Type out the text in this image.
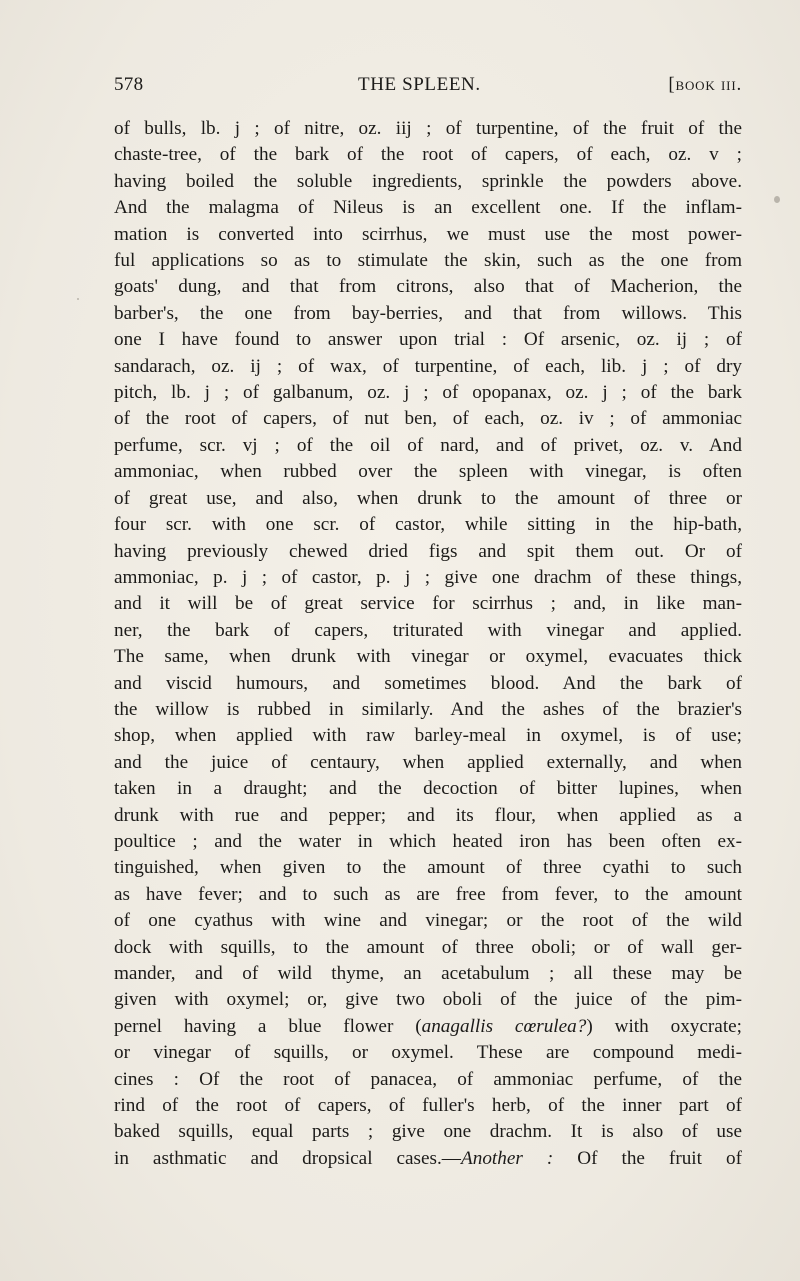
578	THE SPLEEN.	[book iii.
of bulls, lb. j ; of nitre, oz. iij ; of turpentine, of the fruit of the
chaste-tree, of the bark of the root of capers, of each, oz. v ;
having boiled the soluble ingredients, sprinkle the powders above.
And the malagma of Nileus is an excellent one. If the inflam-
mation is converted into scirrhus, we must use the most power-
ful applications so as to stimulate the skin, such as the one from
goats' dung, and that from citrons, also that of Macherion, the
barber's, the one from bay-berries, and that from willows. This
one I have found to answer upon trial : Of arsenic, oz. ij ; of
sandarach, oz. ij ; of wax, of turpentine, of each, lib. j ; of dry
pitch, lb. j ; of galbanum, oz. j ; of opopanax, oz. j ; of the bark
of the root of capers, of nut ben, of each, oz. iv ; of ammoniac
perfume, scr. vj ; of the oil of nard, and of privet, oz. v. And
ammoniac, when rubbed over the spleen with vinegar, is often
of great use, and also, when drunk to the amount of three or
four scr. with one scr. of castor, while sitting in the hip-bath,
having previously chewed dried figs and spit them out. Or of
ammoniac, p. j ; of castor, p. j ; give one drachm of these things,
and it will be of great service for scirrhus ; and, in like man-
ner, the bark of capers, triturated with vinegar and applied.
The same, when drunk with vinegar or oxymel, evacuates thick
and viscid humours, and sometimes blood. And the bark of
the willow is rubbed in similarly. And the ashes of the brazier's
shop, when applied with raw barley-meal in oxymel, is of use;
and the juice of centaury, when applied externally, and when
taken in a draught; and the decoction of bitter lupines, when
drunk with rue and pepper; and its flour, when applied as a
poultice ; and the water in which heated iron has been often ex-
tinguished, when given to the amount of three cyathi to such
as have fever; and to such as are free from fever, to the amount
of one cyathus with wine and vinegar; or the root of the wild
dock with squills, to the amount of three oboli; or of wall ger-
mander, and of wild thyme, an acetabulum ; all these may be
given with oxymel; or, give two oboli of the juice of the pim-
pernel having a blue flower (anagallis cœrulea?) with oxycrate;
or vinegar of squills, or oxymel. These are compound medi-
cines : Of the root of panacea, of ammoniac perfume, of the
rind of the root of capers, of fuller's herb, of the inner part of
baked squills, equal parts ; give one drachm. It is also of use
in asthmatic and dropsical cases.—Another : Of the fruit of
